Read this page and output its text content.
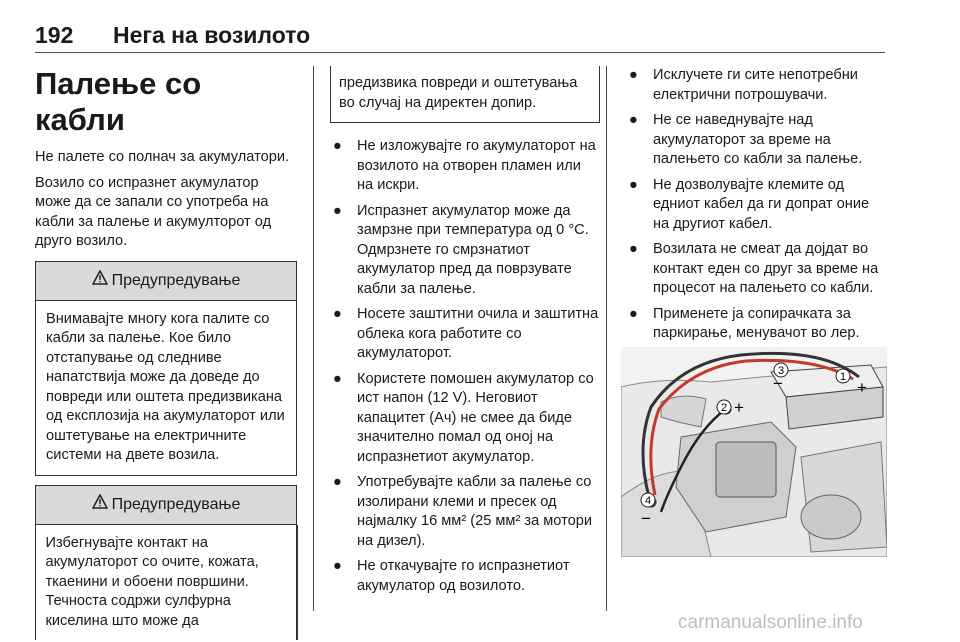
192 Нега на возилото
Палење со кабли

Не палете со полнач за акумулатори.

Возило со испразнет акумулатор може да се запали со употреба на кабли за палење и акумулторот од друго возило.

Предупредување
Внимавајте многу кога палите со кабли за палење. Кое било отстапување од следниве напатствија може да доведе до повреди или оштета предизвикана од експлозија на акумулаторот или оштетување на електричните системи на двете возила.
Предупредување
Избегнувајте контакт на акумулаторот со очите, кожата, ткаенини и обоени површини. Течноста содржи сулфурна киселина што може да
предизвика повреди и оштетувања во случај на директен допир.
● Не изложувајте го акумулаторот на возилото на отворен пламен или на искри.
● Испразнет акумулатор може да замрзне при температура од 0 °C. Одмрзнете го смрзнатиот акумулатор пред да поврзувате кабли за палење.
● Носете заштитни очила и заштитна облека кога работите со акумулаторот.
● Користете помошен акумулатор со ист напон (12 V). Неговиот капацитет (Ач) не смее да биде значително помал од оној на испразнетиот акумулатор.
● Употребувајте кабли за палење со изолирани клеми и пресек од најмалку 16 мм² (25 мм² за мотори на дизел).
● Не откачувајте го испразнетиот акумулатор од возилото.
● Исклучете ги сите непотребни електрични потрошувачи.
● Не се наведнувајте над акумулаторот за време на палењето со кабли за палење.
● Не дозволувајте клемите од едниот кабел да ги допрат оние на другиот кабел.
● Возилата не смеат да дојдат во контакт еден со друг за време на процесот на палењето со кабли.
● Применете ја сопирачката за паркирање, менувачот во лер.
1
+
2 +
3
−
4
−
carmanualsonline.info
